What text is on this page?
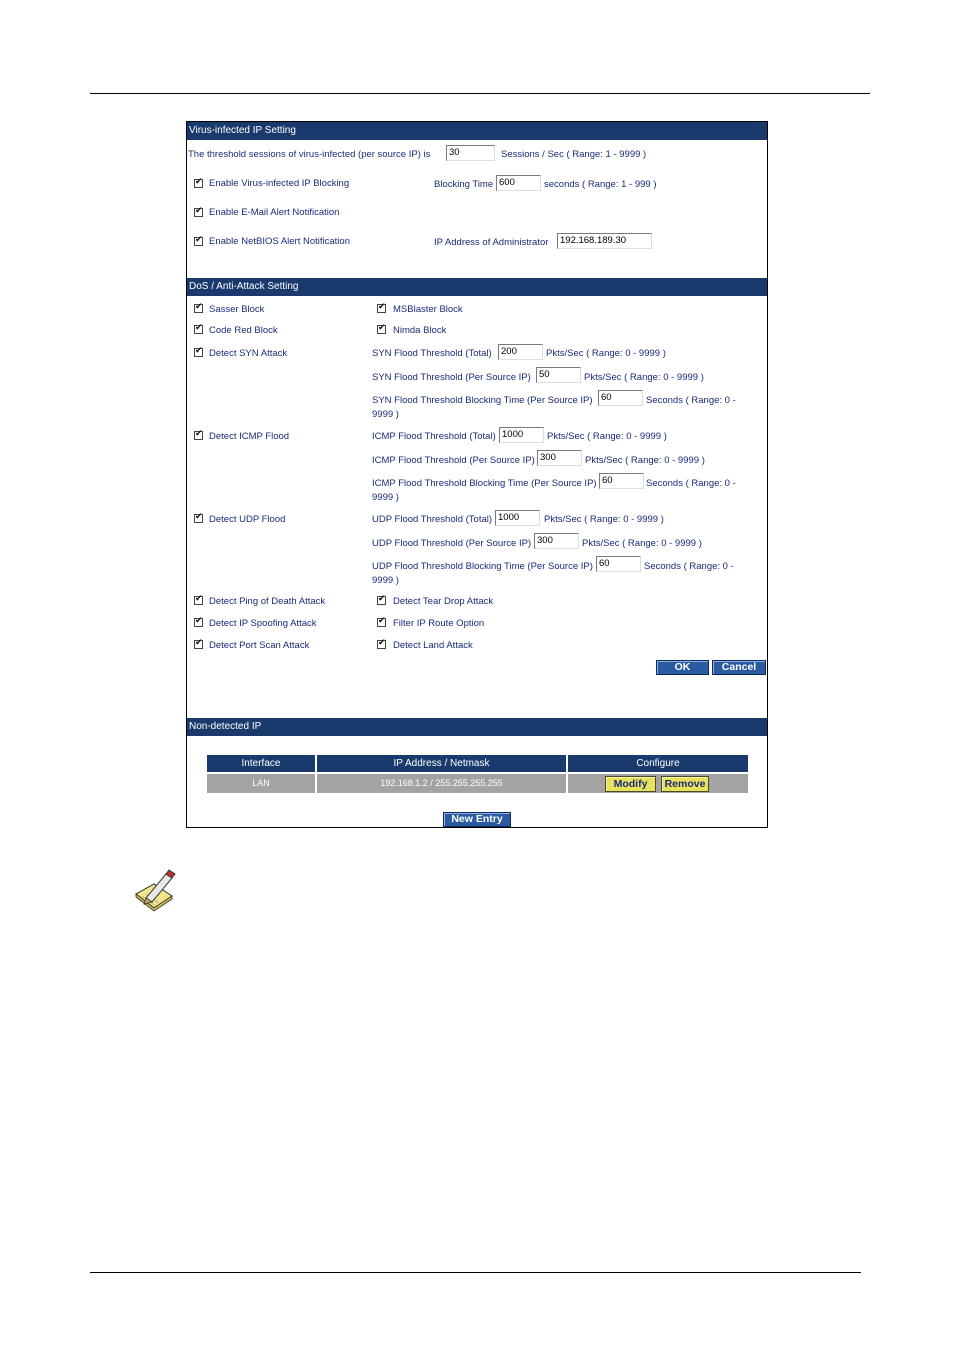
Virus-infected IP Setting
The threshold sessions of virus-infected (per source IP) is	30	Sessions / Sec ( Range: 1 - 9999 )
✔
Enable Virus-infected IP Blocking	Blocking Time 600	seconds ( Range: 1 - 999 )
✔
Enable E-Mail Alert Notification
✔
Enable NetBIOS Alert Notification	IP Address of Administrator	192.168.189.30
DoS / Anti-Attack Setting
✔
Sasser Block ✔	MSBlaster Block
✔
Code Red Block ✔	Nimda Block
✔
Detect SYN Attack	SYN Flood Threshold (Total) 200	Pkts/Sec ( Range: 0 - 9999 )
SYN Flood Threshold (Per Source IP) 50	Pkts/Sec ( Range: 0 - 9999 )
SYN Flood Threshold Blocking Time (Per Source IP) 60	Seconds ( Range: 0 -
9999 )
✔
Detect ICMP Flood	ICMP Flood Threshold (Total) 1000	Pkts/Sec ( Range: 0 - 9999 )
ICMP Flood Threshold (Per Source IP) 300	Pkts/Sec ( Range: 0 - 9999 )
ICMP Flood Threshold Blocking Time (Per Source IP) 60	Seconds ( Range: 0 -
9999 )
✔
Detect UDP Flood	UDP Flood Threshold (Total) 1000	Pkts/Sec ( Range: 0 - 9999 )
UDP Flood Threshold (Per Source IP) 300	Pkts/Sec ( Range: 0 - 9999 )
UDP Flood Threshold Blocking Time (Per Source IP) 60	Seconds ( Range: 0 -
9999 )
✔
Detect Ping of Death Attack ✔	Detect Tear Drop Attack
✔
Detect IP Spoofing Attack ✔	Filter IP Route Option
✔
Detect Port Scan Attack ✔	Detect Land Attack
OK	Cancel
Non-detected IP
Interface	IP Address / Netmask	Configure
LAN	192.168.1.2 / 255.255.255.255	Modify	Remove
New Entry
